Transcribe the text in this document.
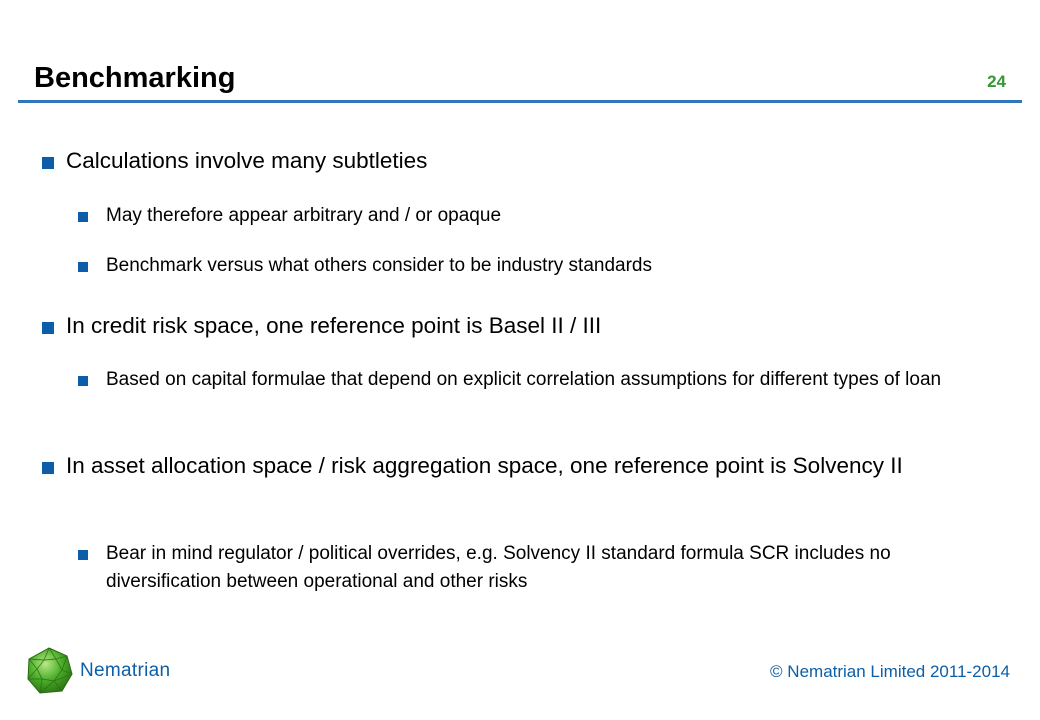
Benchmarking	24

Calculations involve many subtleties

May therefore appear arbitrary and / or opaque

Benchmark versus what others consider to be industry standards

In credit risk space, one reference point is Basel II / III

Based on capital formulae that depend on explicit correlation assumptions for different types of loan

In asset allocation space / risk aggregation space, one reference point is Solvency II

Bear in mind regulator / political overrides, e.g. Solvency II standard formula SCR includes no diversification between operational and other risks

Nematrian	© Nematrian Limited 2011-2014
